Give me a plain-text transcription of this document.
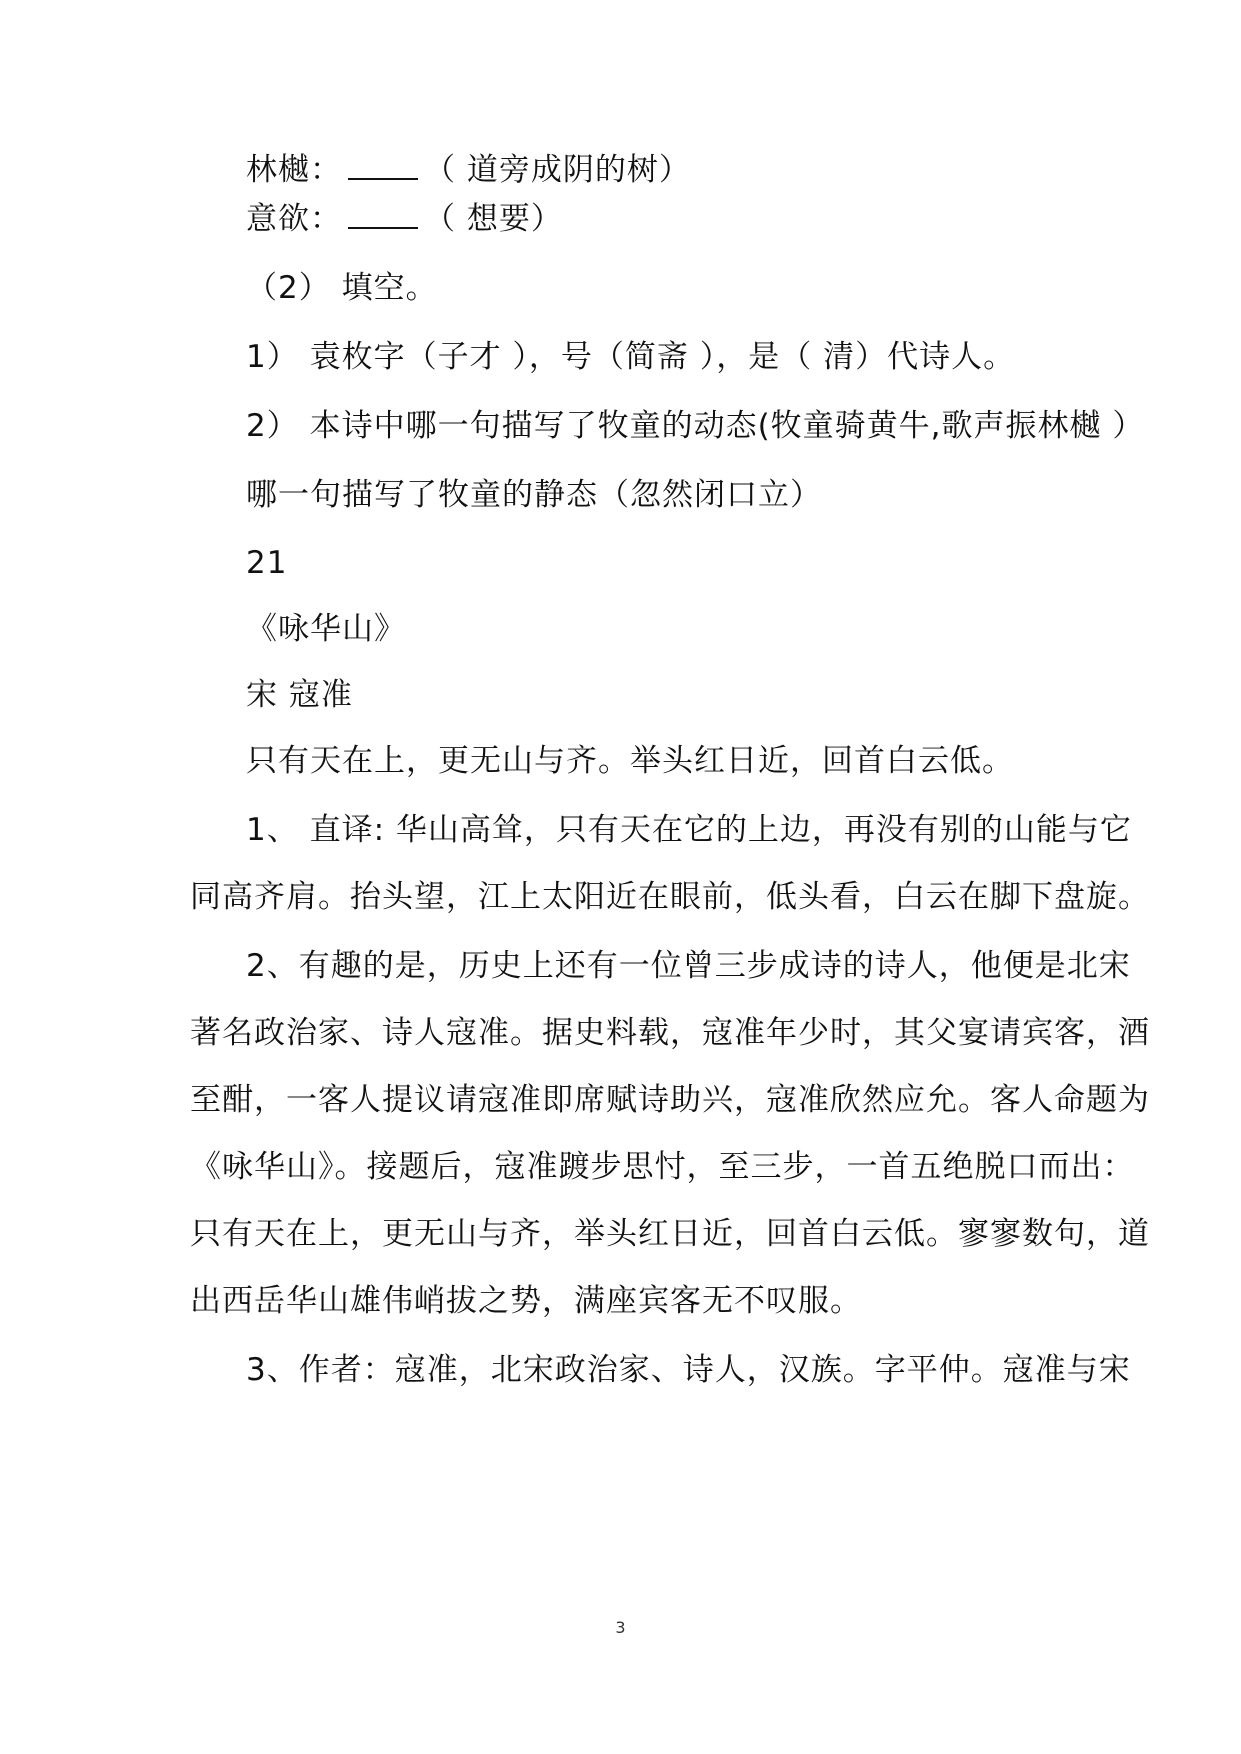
林樾：	（ 道旁成阴的树）
意欲：	（ 想要）
（2） 填空。
1） 袁枚字（子才 ），号（简斋 ），是（ 清）代诗人。
2） 本诗中哪一句描写了牧童的动态(牧童骑黄牛,歌声振林樾 ）
哪一句描写了牧童的静态（忽然闭口立）
21
《咏华山》
宋 寇准
只有天在上，更无山与齐。举头红日近，回首白云低。
1、 直译: 华山高耸，只有天在它的上边，再没有别的山能与它
同高齐肩。抬头望，江上太阳近在眼前，低头看，白云在脚下盘旋。
2、有趣的是，历史上还有一位曾三步成诗的诗人，他便是北宋
著名政治家、诗人寇准。据史料载，寇准年少时，其父宴请宾客，酒
至酣，一客人提议请寇准即席赋诗助兴，寇准欣然应允。客人命题为
《咏华山》。接题后，寇准踱步思忖，至三步，一首五绝脱口而出：
只有天在上，更无山与齐，举头红日近，回首白云低。寥寥数句，道
出西岳华山雄伟峭拔之势，满座宾客无不叹服。
3、作者：寇准，北宋政治家、诗人，汉族。字平仲。寇准与宋
3
